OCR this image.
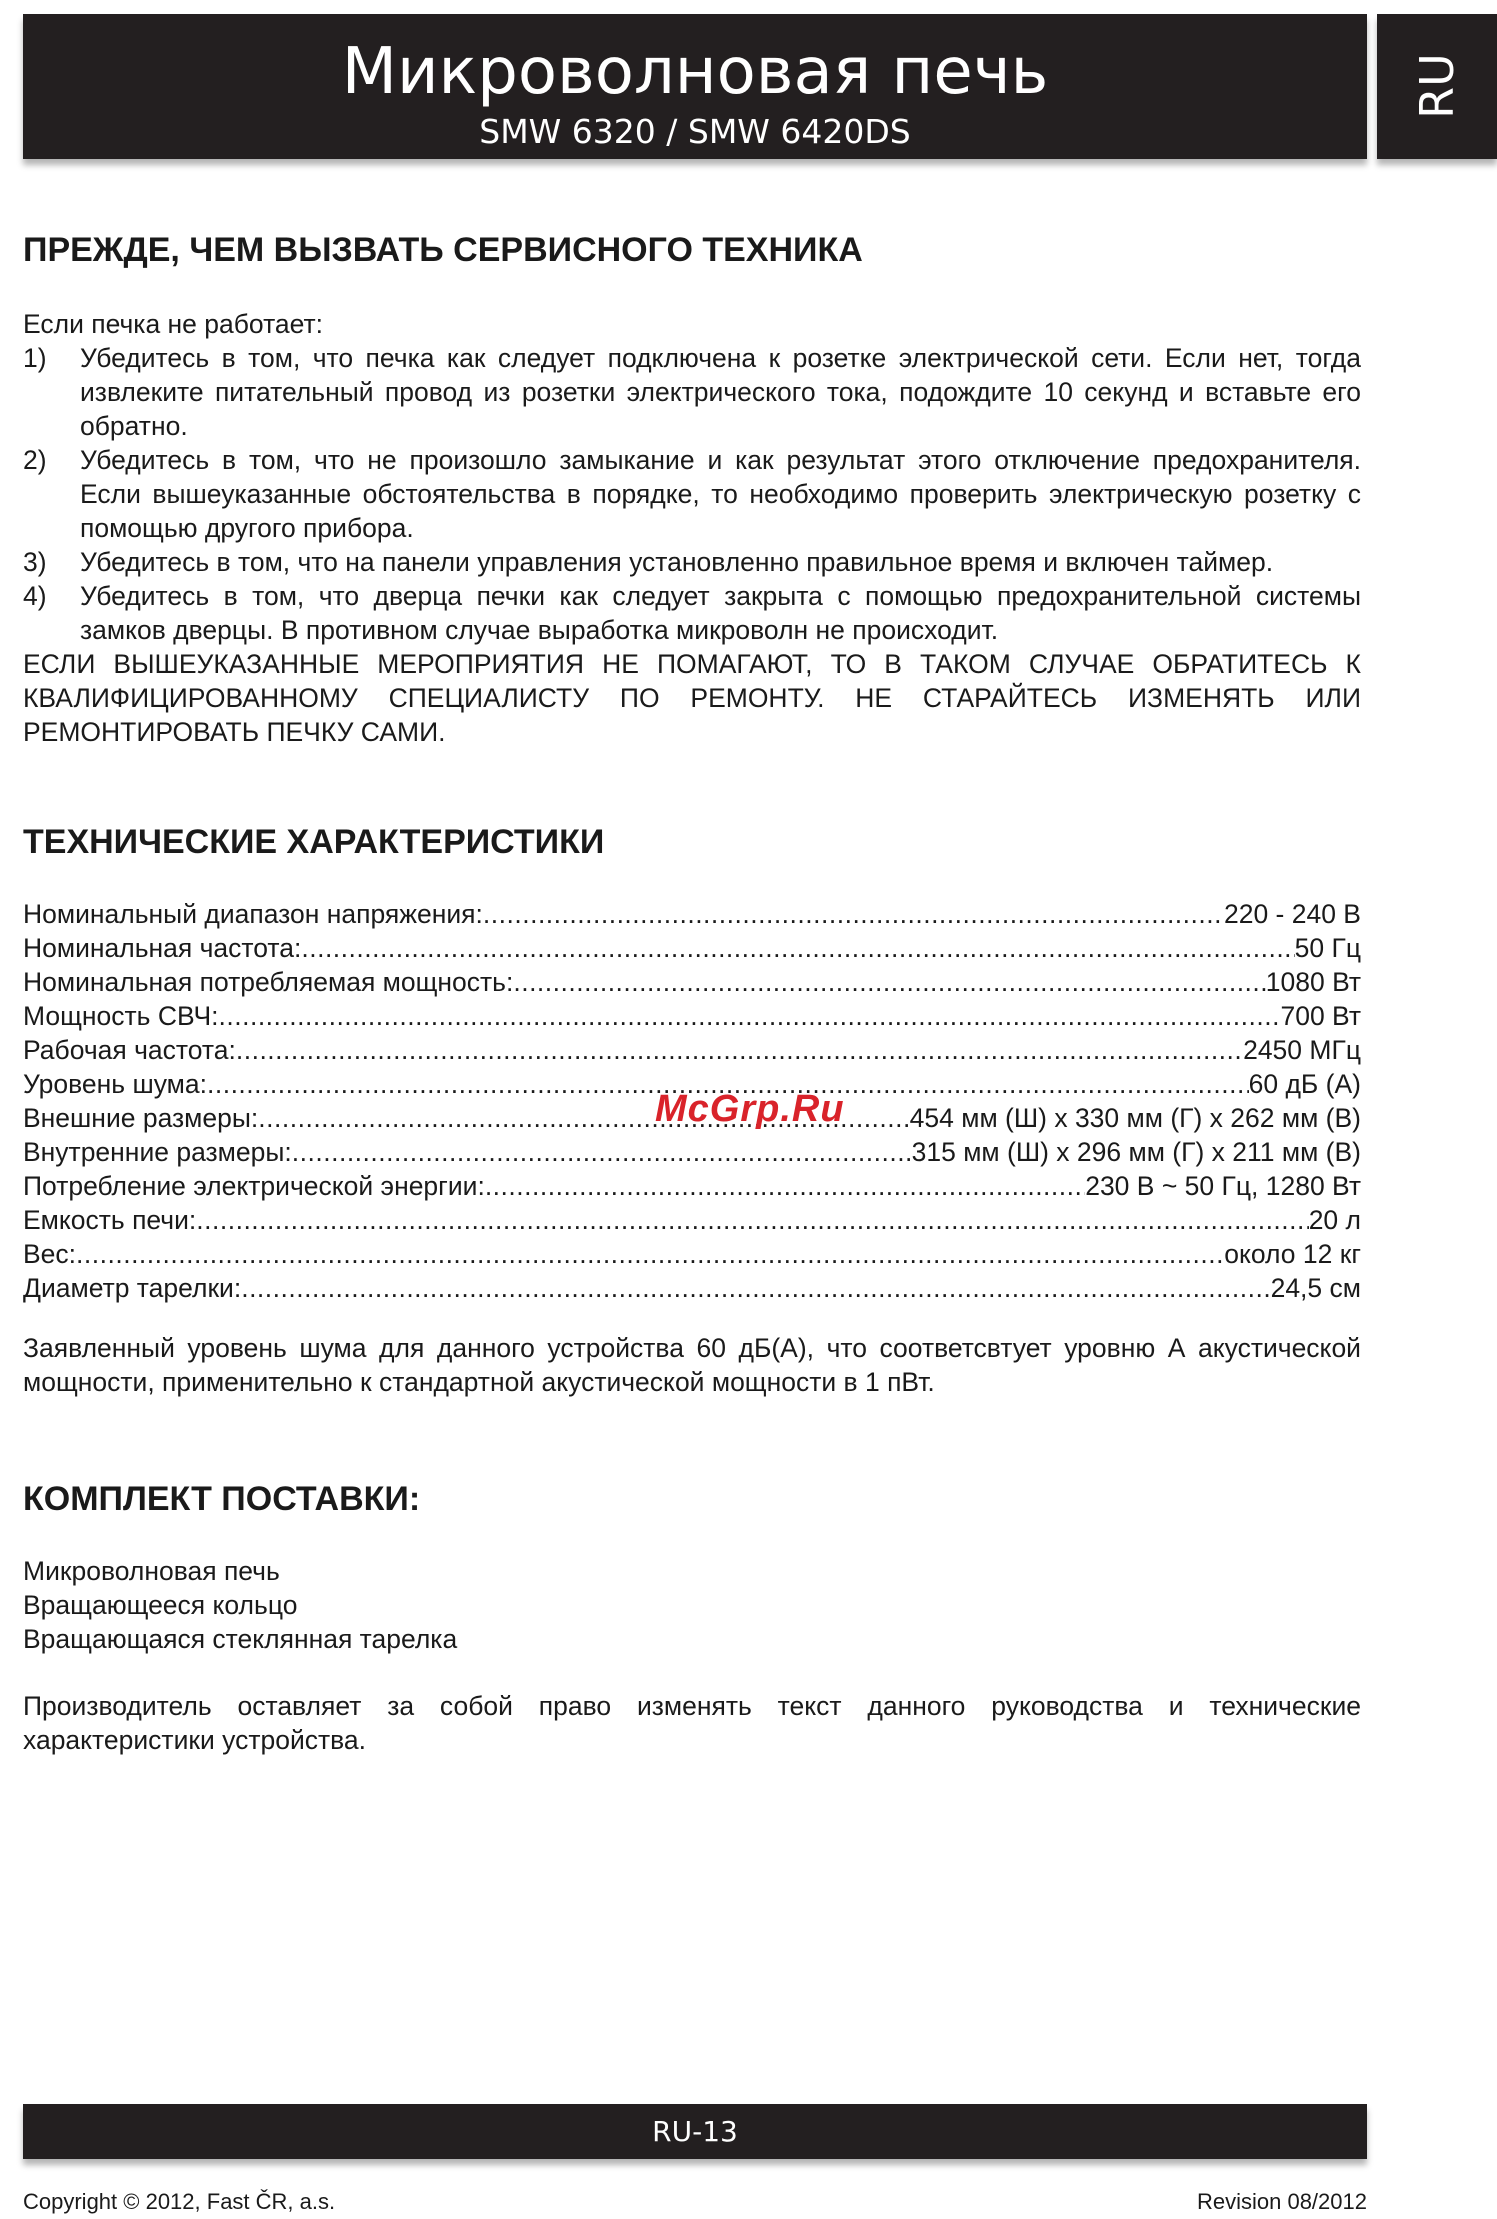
Микроволновая печь
SMW 6320 / SMW 6420DS
RU
ПРЕЖДЕ, ЧЕМ ВЫЗВАТЬ СЕРВИСНОГО ТЕХНИКА
Если печка не работает:
1) Убедитесь в том, что печка как следует подключена к розетке электрической сети. Если нет, тогда извлеките питательный провод из розетки электрического тока, подождите 10 секунд и вставьте его обратно.
2) Убедитесь в том, что не произошло замыкание и как результат этого отключение предохранителя. Если вышеуказанные обстоятельства в порядке, то необходимо проверить электрическую розетку с помощью другого прибора.
3) Убедитесь в том, что на панели управления установленно правильное время и включен таймер.
4) Убедитесь в том, что дверца печки как следует закрыта с помощью предохранительной системы замков дверцы. В противном случае выработка микроволн не происходит.
ЕСЛИ ВЫШЕУКАЗАННЫЕ МЕРОПРИЯТИЯ НЕ ПОМАГАЮТ, ТО В ТАКОМ СЛУЧАЕ ОБРАТИТЕСЬ К КВАЛИФИЦИРОВАННОМУ СПЕЦИАЛИСТУ ПО РЕМОНТУ. НЕ СТАРАЙТЕСЬ ИЗМЕНЯТЬ ИЛИ РЕМОНТИРОВАТЬ ПЕЧКУ САМИ.
ТЕХНИЧЕСКИЕ ХАРАКТЕРИСТИКИ
Номинальный диапазон напряжения: .....	220 - 240 В
Номинальная частота: .....	50 Гц
Номинальная потребляемая мощность: .....	1080 Вт
Мощность СВЧ: .....	700 Вт
Рабочая частота: .....	2450 МГц
Уровень шума: .....	60 дБ (А)
Внешние размеры: .....	454 мм (Ш) x 330 мм (Г) x 262 мм (В)
Внутренние размеры: .....	315 мм (Ш) x 296 мм (Г) x 211 мм (В)
Потребление электрической энергии: .....	230 В ~ 50 Гц, 1280 Вт
Емкость печи: .....	20 л
Вес: .....	около 12 кг
Диаметр тарелки: .....	24,5 см
Заявленный уровень шума для данного устройства 60 дБ(А), что соответсвтует уровню А акустической мощности, применительно к стандартной акустической мощности в 1 пВт.
КОМПЛЕКТ ПОСТАВКИ:
Микроволновая печь
Вращающееся кольцо
Вращающаяся стеклянная тарелка
Производитель оставляет за собой право изменять текст данного руководства и технические характеристики устройства.
McGrp.Ru
RU-13
Copyright © 2012, Fast ČR, a.s.	Revision 08/2012
